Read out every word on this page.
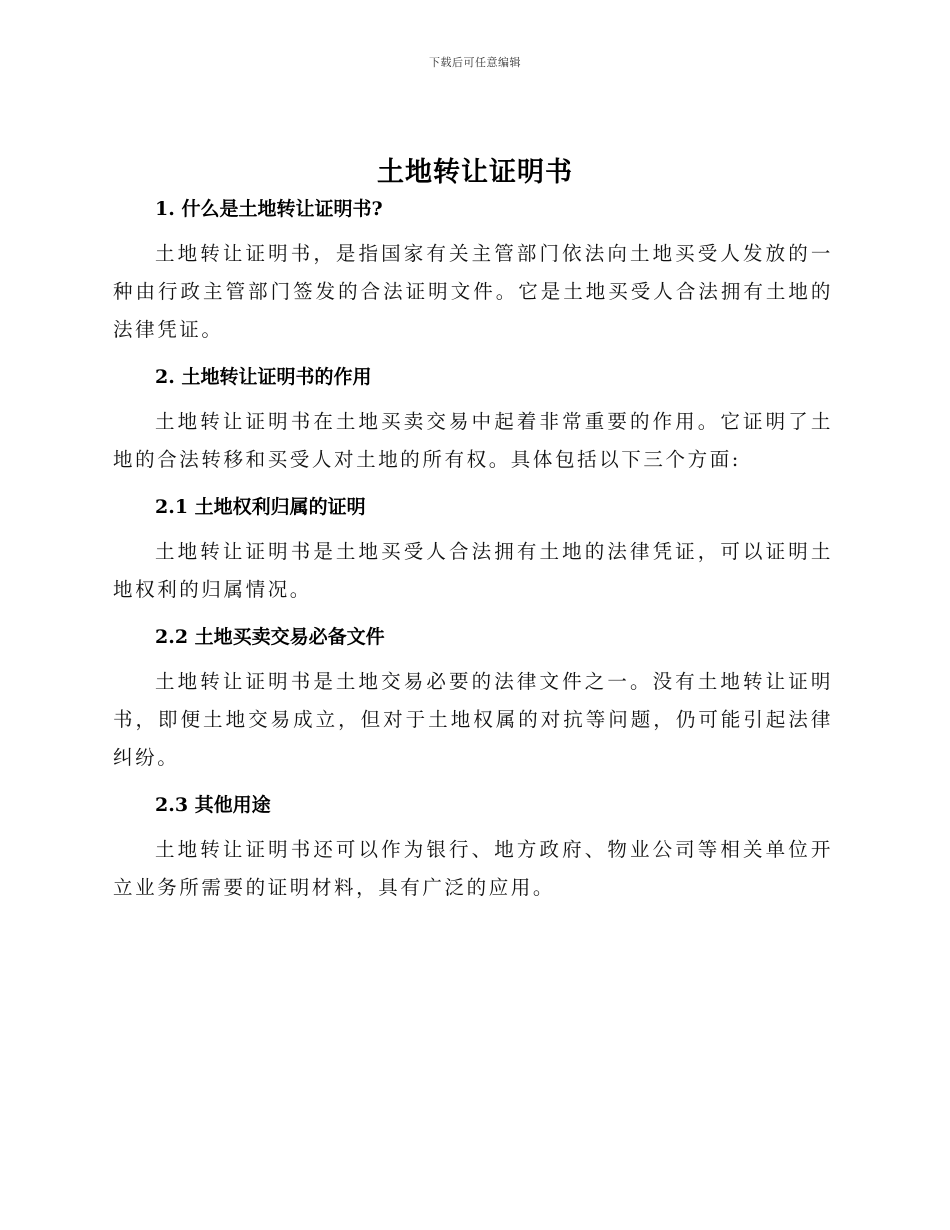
下载后可任意编辑
土地转让证明书
1. 什么是土地转让证明书?

土地转让证明书，是指国家有关主管部门依法向土地买受人发放的一种由行政主管部门签发的合法证明文件。它是土地买受人合法拥有土地的法律凭证。

2. 土地转让证明书的作用

土地转让证明书在土地买卖交易中起着非常重要的作用。它证明了土地的合法转移和买受人对土地的所有权。具体包括以下三个方面:

2.1 土地权利归属的证明

土地转让证明书是土地买受人合法拥有土地的法律凭证，可以证明土地权利的归属情况。

2.2 土地买卖交易必备文件

土地转让证明书是土地交易必要的法律文件之一。没有土地转让证明书，即便土地交易成立，但对于土地权属的对抗等问题，仍可能引起法律纠纷。

2.3 其他用途

土地转让证明书还可以作为银行、地方政府、物业公司等相关单位开立业务所需要的证明材料，具有广泛的应用。
